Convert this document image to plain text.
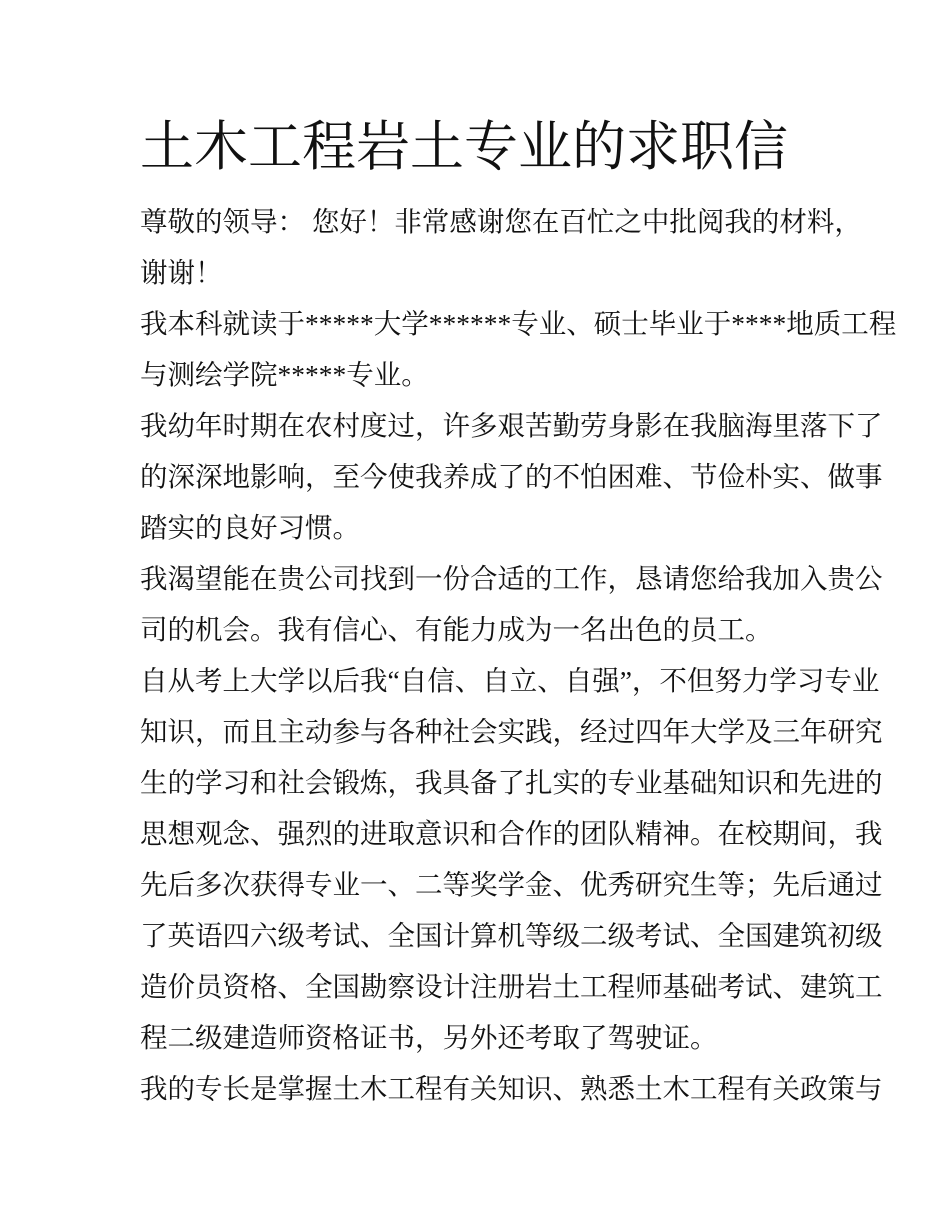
土木工程岩土专业的求职信
尊敬的领导： 您好！非常感谢您在百忙之中批阅我的材料，
谢谢！
我本科就读于*****大学******专业、硕士毕业于****地质工程
与测绘学院*****专业。
我幼年时期在农村度过，许多艰苦勤劳身影在我脑海里落下了
的深深地影响，至今使我养成了的不怕困难、节俭朴实、做事
踏实的良好习惯。
我渴望能在贵公司找到一份合适的工作，恳请您给我加入贵公
司的机会。我有信心、有能力成为一名出色的员工。
自从考上大学以后我“自信、自立、自强”，不但努力学习专业
知识，而且主动参与各种社会实践，经过四年大学及三年研究
生的学习和社会锻炼，我具备了扎实的专业基础知识和先进的
思想观念、强烈的进取意识和合作的团队精神。在校期间，我
先后多次获得专业一、二等奖学金、优秀研究生等；先后通过
了英语四六级考试、全国计算机等级二级考试、全国建筑初级
造价员资格、全国勘察设计注册岩土工程师基础考试、建筑工
程二级建造师资格证书，另外还考取了驾驶证。
我的专长是掌握土木工程有关知识、熟悉土木工程有关政策与
